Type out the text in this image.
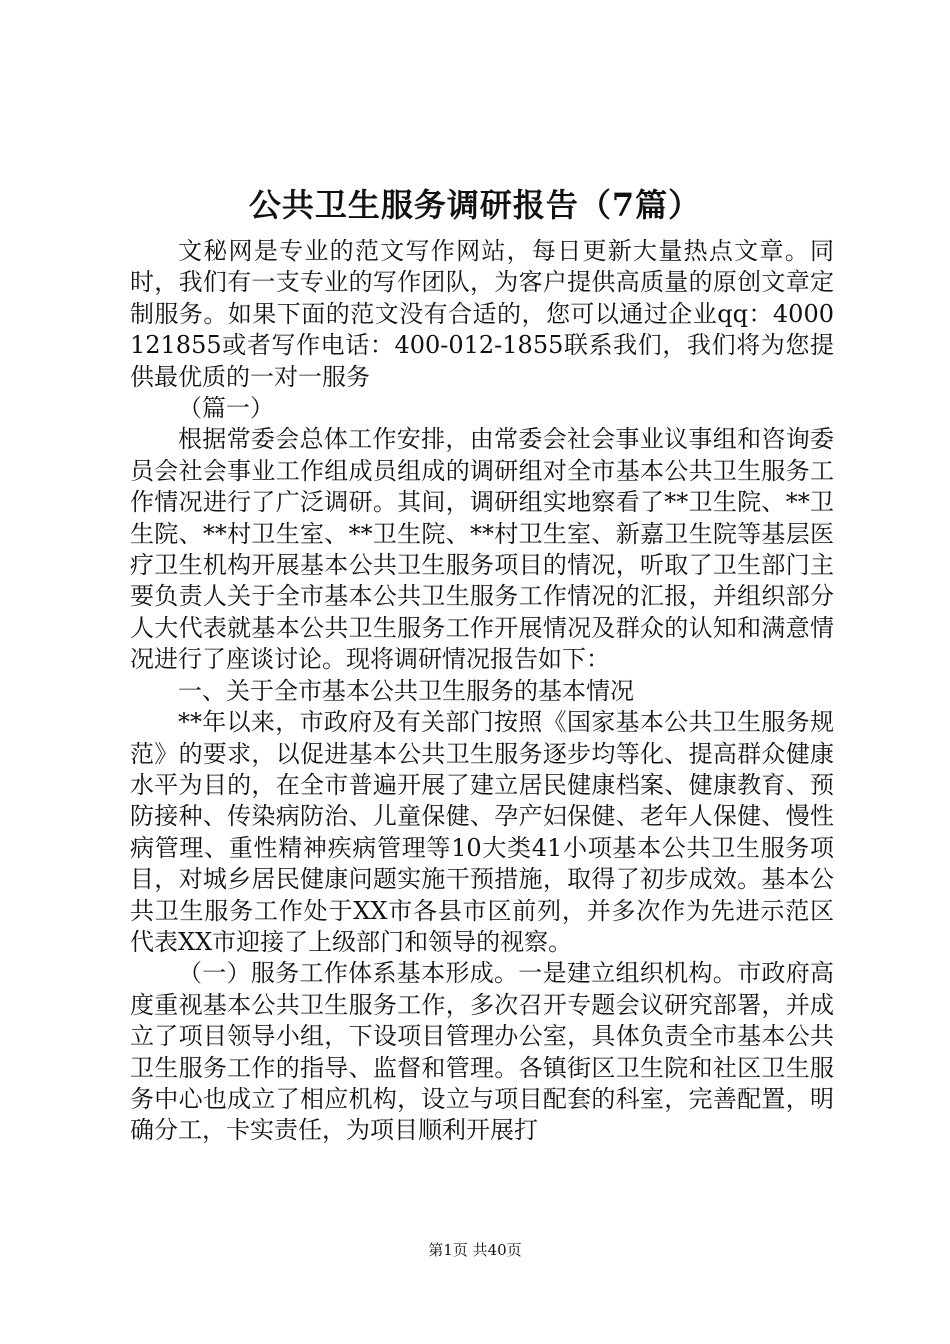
公共卫生服务调研报告（7篇）

文秘网是专业的范文写作网站，每日更新大量热点文章。同时，我们有一支专业的写作团队，为客户提供高质量的原创文章定制服务。如果下面的范文没有合适的，您可以通过企业qq：4000121855或者写作电话：400-012-1855联系我们，我们将为您提供最优质的一对一服务

（篇一）

根据常委会总体工作安排，由常委会社会事业议事组和咨询委员会社会事业工作组成员组成的调研组对全市基本公共卫生服务工作情况进行了广泛调研。其间，调研组实地察看了**卫生院、**卫生院、**村卫生室、**卫生院、**村卫生室、新嘉卫生院等基层医疗卫生机构开展基本公共卫生服务项目的情况，听取了卫生部门主要负责人关于全市基本公共卫生服务工作情况的汇报，并组织部分人大代表就基本公共卫生服务工作开展情况及群众的认知和满意情况进行了座谈讨论。现将调研情况报告如下：

一、关于全市基本公共卫生服务的基本情况

**年以来，市政府及有关部门按照《国家基本公共卫生服务规范》的要求，以促进基本公共卫生服务逐步均等化、提高群众健康水平为目的，在全市普遍开展了建立居民健康档案、健康教育、预防接种、传染病防治、儿童保健、孕产妇保健、老年人保健、慢性病管理、重性精神疾病管理等10大类41小项基本公共卫生服务项目，对城乡居民健康问题实施干预措施，取得了初步成效。基本公共卫生服务工作处于XX市各县市区前列，并多次作为先进示范区代表XX市迎接了上级部门和领导的视察。

（一）服务工作体系基本形成。一是建立组织机构。市政府高度重视基本公共卫生服务工作，多次召开专题会议研究部署，并成立了项目领导小组，下设项目管理办公室，具体负责全市基本公共卫生服务工作的指导、监督和管理。各镇街区卫生院和社区卫生服务中心也成立了相应机构，设立与项目配套的科室，完善配置，明确分工，卡实责任，为项目顺利开展打

第1页 共40页
